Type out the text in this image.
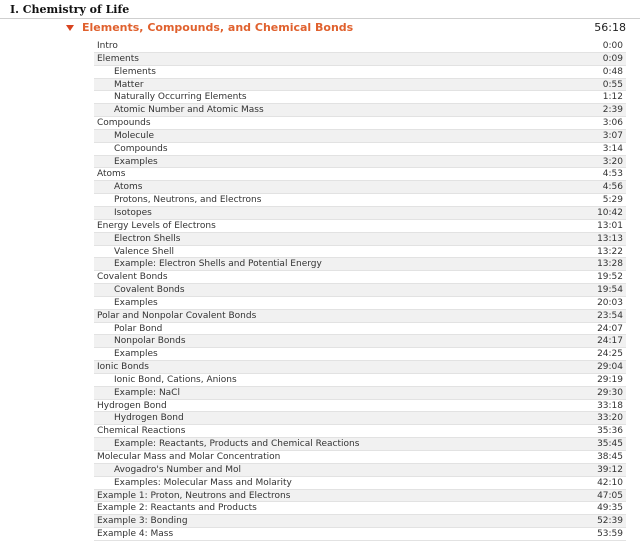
I. Chemistry of Life
Elements, Compounds, and Chemical Bonds	56:18
Intro	0:00
Elements	0:09
Elements	0:48
Matter	0:55
Naturally Occurring Elements	1:12
Atomic Number and Atomic Mass	2:39
Compounds	3:06
Molecule	3:07
Compounds	3:14
Examples	3:20
Atoms	4:53
Atoms	4:56
Protons, Neutrons, and Electrons	5:29
Isotopes	10:42
Energy Levels of Electrons	13:01
Electron Shells	13:13
Valence Shell	13:22
Example: Electron Shells and Potential Energy	13:28
Covalent Bonds	19:52
Covalent Bonds	19:54
Examples	20:03
Polar and Nonpolar Covalent Bonds	23:54
Polar Bond	24:07
Nonpolar Bonds	24:17
Examples	24:25
Ionic Bonds	29:04
Ionic Bond, Cations, Anions	29:19
Example: NaCl	29:30
Hydrogen Bond	33:18
Hydrogen Bond	33:20
Chemical Reactions	35:36
Example: Reactants, Products and Chemical Reactions	35:45
Molecular Mass and Molar Concentration	38:45
Avogadro's Number and Mol	39:12
Examples: Molecular Mass and Molarity	42:10
Example 1: Proton, Neutrons and Electrons	47:05
Example 2: Reactants and Products	49:35
Example 3: Bonding	52:39
Example 4: Mass	53:59
